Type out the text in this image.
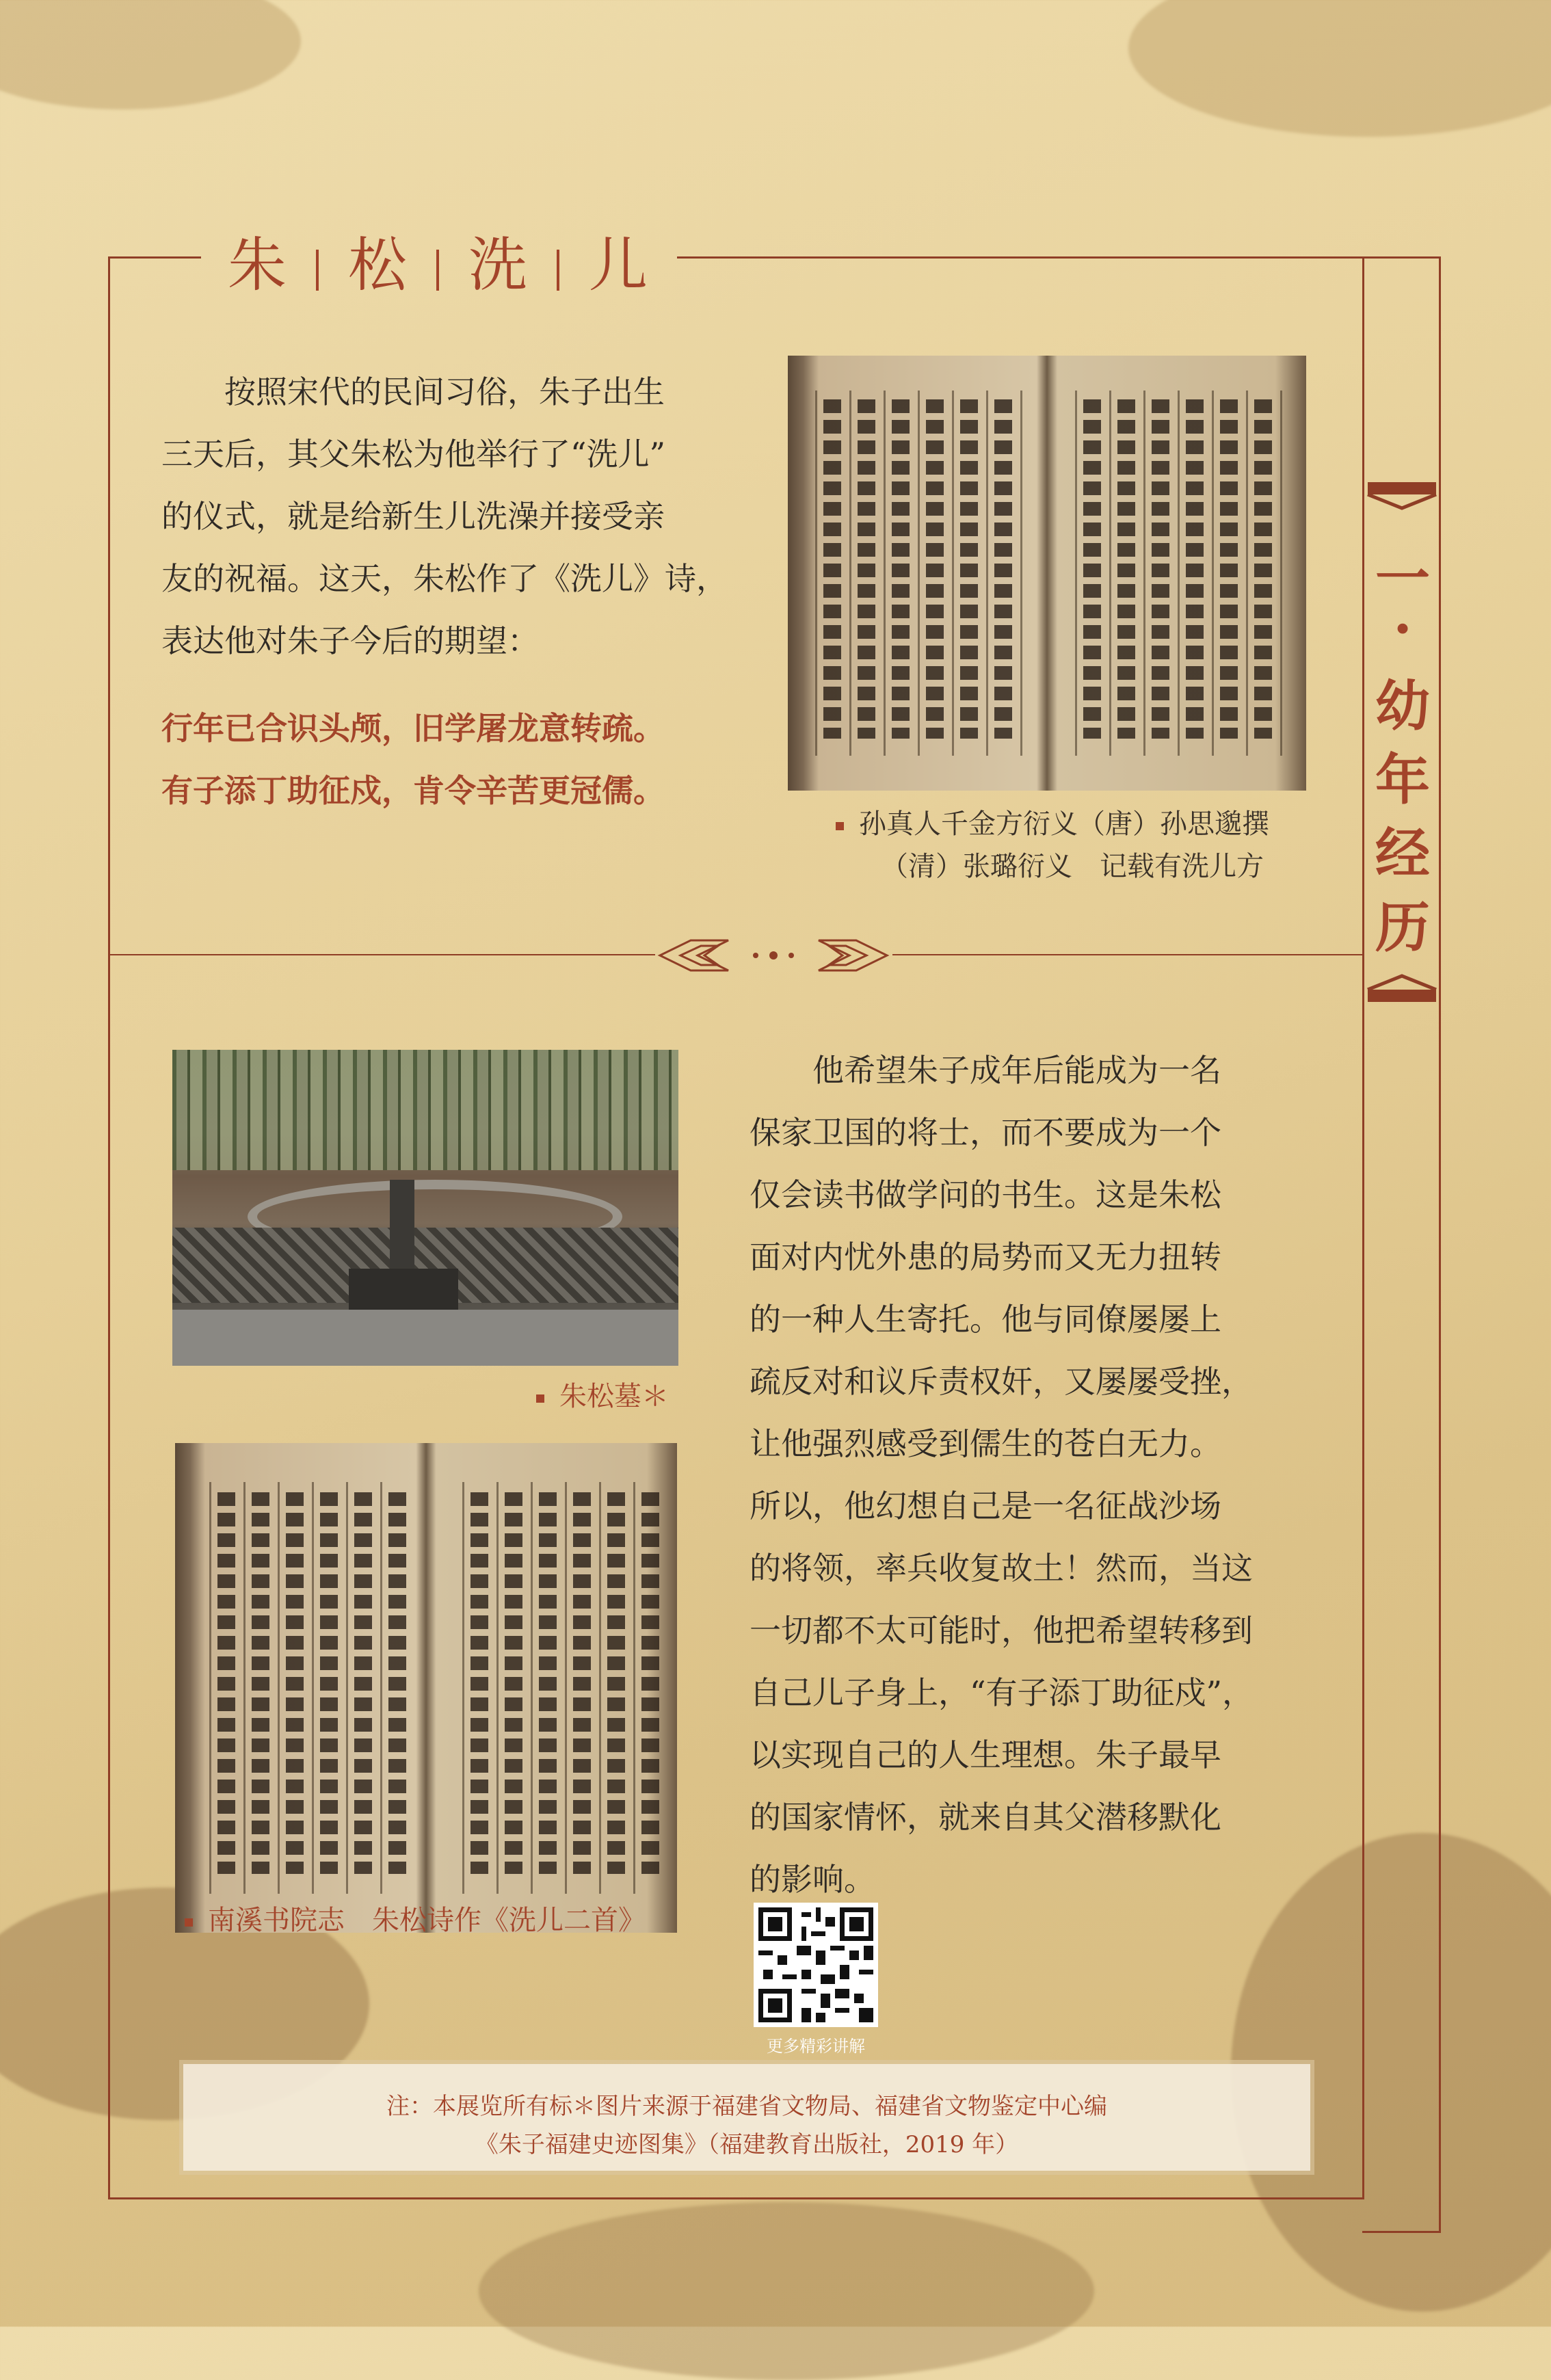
朱 松 洗 儿
　　按照宋代的民间习俗，朱子出生
三天后，其父朱松为他举行了“洗儿”
的仪式，就是给新生儿洗澡并接受亲
友的祝福。这天，朱松作了《洗儿》诗，
表达他对朱子今后的期望：
行年已合识头颅，旧学屠龙意转疏。
有子添丁助征戍，肯令辛苦更冠儒。
孙真人千金方衍义（唐）孙思邈撰
（清）张璐衍义　记载有洗儿方
朱松墓＊
南溪书院志　朱松诗作《洗儿二首》
　　他希望朱子成年后能成为一名
保家卫国的将士，而不要成为一个
仅会读书做学问的书生。这是朱松
面对内忧外患的局势而又无力扭转
的一种人生寄托。他与同僚屡屡上
疏反对和议斥责权奸，又屡屡受挫，
让他强烈感受到儒生的苍白无力。
所以，他幻想自己是一名征战沙场
的将领，率兵收复故土！然而，当这
一切都不太可能时，他把希望转移到
自己儿子身上，“有子添丁助征戍”，
以实现自己的人生理想。朱子最早
的国家情怀，就来自其父潜移默化
的影响。
更多精彩讲解
一
·
幼
年
经
历
注：本展览所有标＊图片来源于福建省文物局、福建省文物鉴定中心编
《朱子福建史迹图集》（福建教育出版社，2019 年）
